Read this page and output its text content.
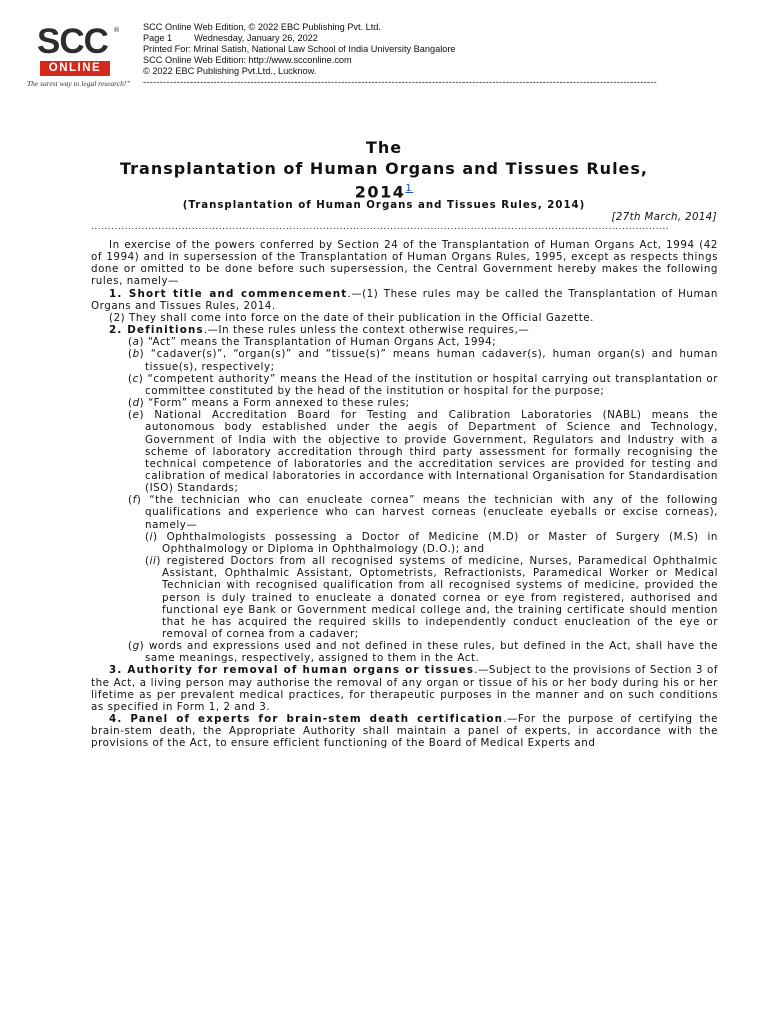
SCC ®
ONLINE
The surest way to legal research!”
SCC Online Web Edition, © 2022 EBC Publishing Pvt. Ltd.
Page 1 Wednesday, January 26, 2022
Printed For: Mrinal Satish, National Law School of India University Bangalore
SCC Online Web Edition: http://www.scconline.com
© 2022 EBC Publishing Pvt.Ltd., Lucknow.
---------------------------------------------------------------------------------------------------------------------------------------------------------
The
Transplantation of Human Organs and Tissues Rules,
2014$^1$
(Transplantation of Human Organs and Tissues Rules, 2014)
[27th March, 2014]
............................................................................................................................................................................

In exercise of the powers conferred by Section 24 of the Transplantation of Human Organs Act, 1994 (42 of 1994) and in supersession of the Transplantation of Human Organs Rules, 1995, except as respects things done or omitted to be done before such supersession, the Central Government hereby makes the following rules, namely—

1. Short title and commencement.—(1) These rules may be called the Transplantation of Human Organs and Tissues Rules, 2014.

(2) They shall come into force on the date of their publication in the Official Gazette.

2. Definitions.—In these rules unless the context otherwise requires,—

(a) “Act” means the Transplantation of Human Organs Act, 1994;

(b) “cadaver(s)”, “organ(s)” and “tissue(s)” means human cadaver(s), human organ(s) and human tissue(s), respectively;

(c) “competent authority” means the Head of the institution or hospital carrying out transplantation or committee constituted by the head of the institution or hospital for the purpose;

(d) “Form” means a Form annexed to these rules;

(e) National Accreditation Board for Testing and Calibration Laboratories (NABL) means the autonomous body established under the aegis of Department of Science and Technology, Government of India with the objective to provide Government, Regulators and Industry with a scheme of laboratory accreditation through third party assessment for formally recognising the technical competence of laboratories and the accreditation services are provided for testing and calibration of medical laboratories in accordance with International Organisation for Standardisation (ISO) Standards;

(f) “the technician who can enucleate cornea” means the technician with any of the following qualifications and experience who can harvest corneas (enucleate eyeballs or excise corneas), namely—

(i) Ophthalmologists possessing a Doctor of Medicine (M.D) or Master of Surgery (M.S) in Ophthalmology or Diploma in Ophthalmology (D.O.); and

(ii) registered Doctors from all recognised systems of medicine, Nurses, Paramedical Ophthalmic Assistant, Ophthalmic Assistant, Optometrists, Refractionists, Paramedical Worker or Medical Technician with recognised qualification from all recognised systems of medicine, provided the person is duly trained to enucleate a donated cornea or eye from registered, authorised and functional eye Bank or Government medical college and, the training certificate should mention that he has acquired the required skills to independently conduct enucleation of the eye or removal of cornea from a cadaver;

(g) words and expressions used and not defined in these rules, but defined in the Act, shall have the same meanings, respectively, assigned to them in the Act.

3. Authority for removal of human organs or tissues.—Subject to the provisions of Section 3 of the Act, a living person may authorise the removal of any organ or tissue of his or her body during his or her lifetime as per prevalent medical practices, for therapeutic purposes in the manner and on such conditions as specified in Form 1, 2 and 3.

4. Panel of experts for brain-stem death certification.—For the purpose of certifying the brain-stem death, the Appropriate Authority shall maintain a panel of experts, in accordance with the provisions of the Act, to ensure efficient functioning of the Board of Medical Experts and
